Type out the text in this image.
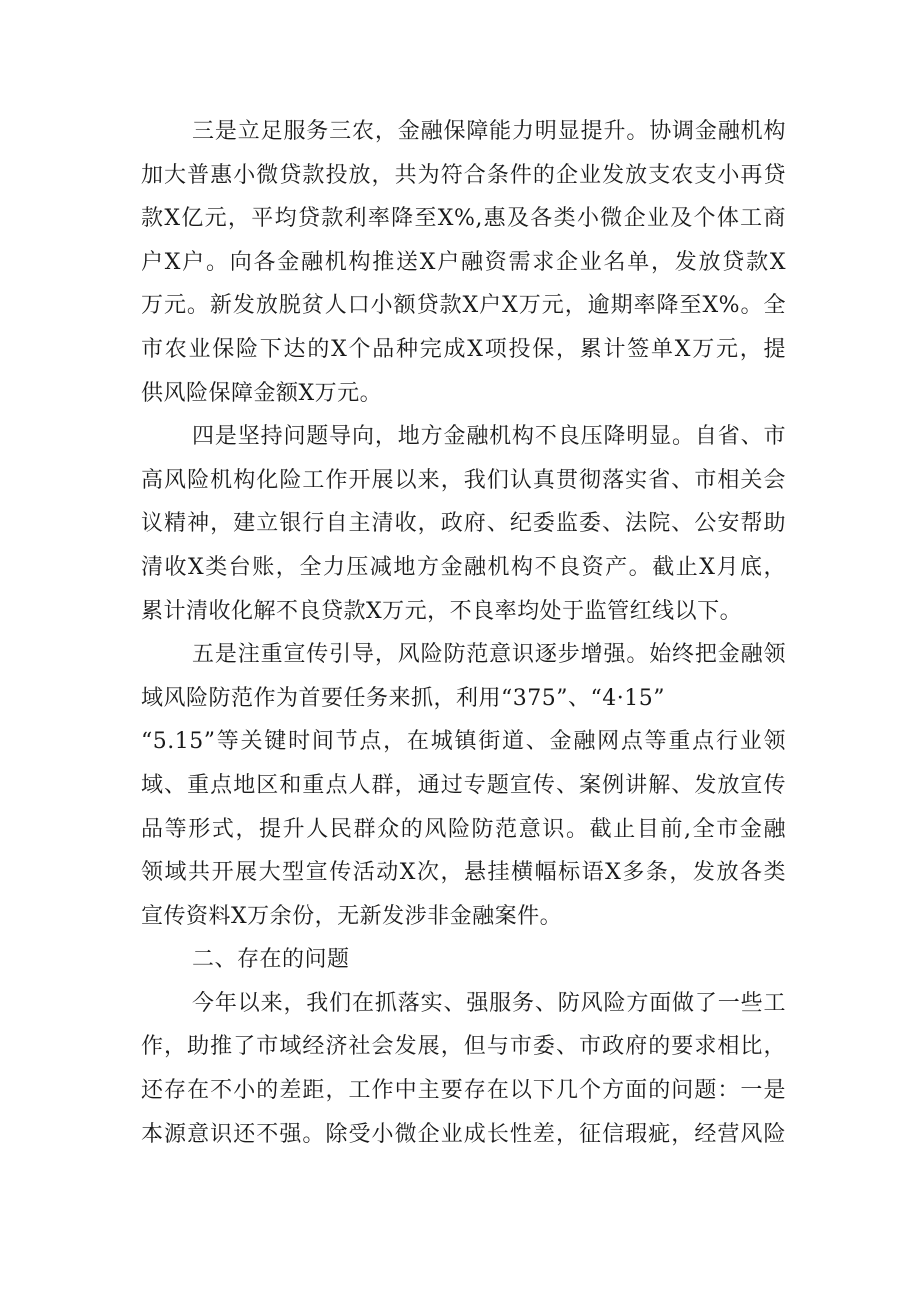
三是立足服务三农，金融保障能力明显提升。协调金融机构
加大普惠小微贷款投放，共为符合条件的企业发放支农支小再贷
款X亿元，平均贷款利率降至X%,惠及各类小微企业及个体工商
户X户。向各金融机构推送X户融资需求企业名单，发放贷款X
万元。新发放脱贫人口小额贷款X户X万元，逾期率降至X%。全
市农业保险下达的X个品种完成X项投保，累计签单X万元，提
供风险保障金额X万元。
四是坚持问题导向，地方金融机构不良压降明显。自省、市
高风险机构化险工作开展以来，我们认真贯彻落实省、市相关会
议精神，建立银行自主清收，政府、纪委监委、法院、公安帮助
清收X类台账，全力压减地方金融机构不良资产。截止X月底，
累计清收化解不良贷款X万元，不良率均处于监管红线以下。
五是注重宣传引导，风险防范意识逐步增强。始终把金融领
域风险防范作为首要任务来抓，利用“375”、“4·15”
“5.15”等关键时间节点，在城镇街道、金融网点等重点行业领
域、重点地区和重点人群，通过专题宣传、案例讲解、发放宣传
品等形式，提升人民群众的风险防范意识。截止目前,全市金融
领域共开展大型宣传活动X次，悬挂横幅标语X多条，发放各类
宣传资料X万余份，无新发涉非金融案件。
二、存在的问题
今年以来，我们在抓落实、强服务、防风险方面做了一些工
作，助推了市域经济社会发展，但与市委、市政府的要求相比，
还存在不小的差距，工作中主要存在以下几个方面的问题：一是
本源意识还不强。除受小微企业成长性差，征信瑕疵，经营风险
